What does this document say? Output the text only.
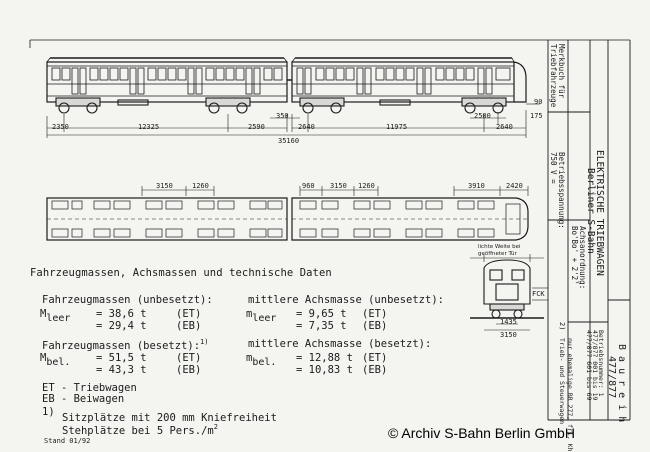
2350	12325	2590
350
2640	11975
2500
2640
35160
175
90
3150	1260	960 3150 1260	3910	2420
lichte Weite bei
geöffneter Tür
FCK
1435
3150
Fahrzeugmassen, Achsmassen und technische Daten
Fahrzeugmassen (unbesetzt):
$M_{leer} = 38,6$ t	(ET)
= 29,4 t	(EB)
Fahrzeugmassen (besetzt):$^{1)}$
$M_{bel.} = 51,5$ t	(ET)
= 43,3 t	(EB)
mittlere Achsmasse (unbesetzt):
$m_{leer} = 9,65$ t (ET)
= 7,35 t (EB)
mittlere Achsmasse (besetzt):
$m_{bel.} = 12,88$ t (ET)
= 10,83 t (EB)
ET - Triebwagen
EB - Beiwagen
1) Sitzplätze mit 200 mm Kniefreiheit
Stehplätze bei 5 $Pers./m^2$
Stand 01/92
Merkbuch für
Triebfahrzeuge
Betriebsspannung:
750 V =
Achsanordnung:
Bo'Bo' + 2'2'
2)
nur ehemalige BR 277, fri. Kh
Trieb- und Steuerwagen
ELEKTRISCHE TRIEBWAGEN
Berliner S-Bahn
Betriebsnummer: 1
477/877 001 bis 19
477/877 601 bis 69 B a u r e i h
477/877
© Archiv S-Bahn Berlin GmbH
